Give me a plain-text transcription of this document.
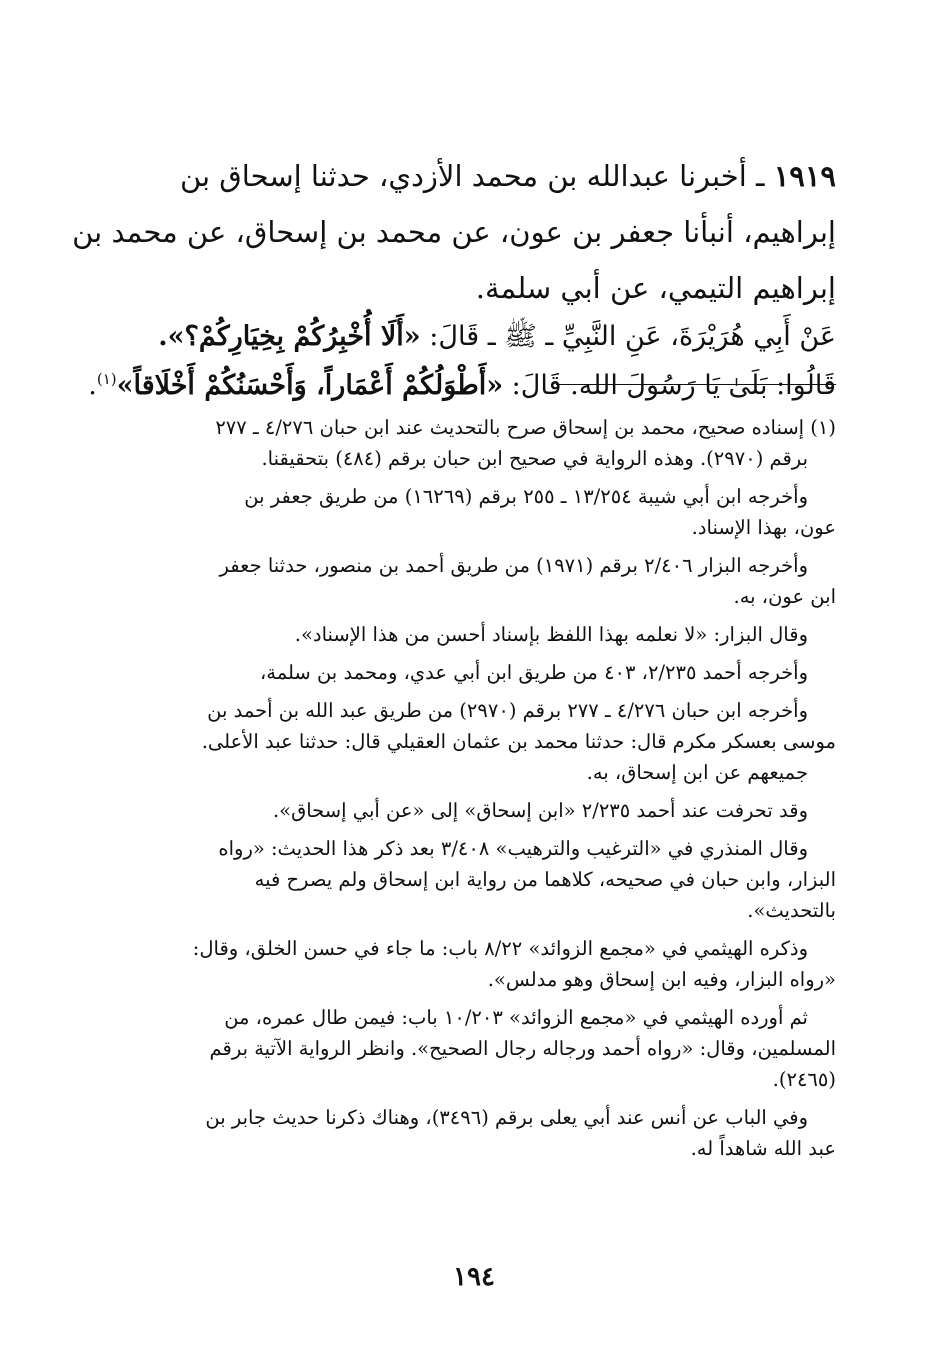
١٩١٩ ـ أخبرنا عبدالله بن محمد الأزدي، حدثنا إسحاق بن
إبراهيم، أنبأنا جعفر بن عون، عن محمد بن إسحاق، عن محمد بن
إبراهيم التيمي، عن أبي سلمة.
عَنْ أَبِي هُرَيْرَةَ، عَنِ النَّبِيِّ ـ ﷺ ـ قَالَ: «أَلَا أُخْبِرُكُمْ بِخِيَارِكُمْ؟».
قَالُوا: بَلَىٰ يَا رَسُولَ الله. قَالَ: «أَطْوَلُكُمْ أَعْمَاراً، وَأَحْسَنُكُمْ أَخْلَاقاً»$^{(١)}$.
(١) إسناده صحيح، محمد بن إسحاق صرح بالتحديث عند ابن حبان ٤/٢٧٦ ـ ٢٧٧
برقم (٢٩٧٠). وهذه الرواية في صحيح ابن حبان برقم (٤٨٤) بتحقيقنا.
وأخرجه ابن أبي شيبة ١٣/٢٥٤ ـ ٢٥٥ برقم (١٦٢٦٩) من طريق جعفر بن
عون، بهذا الإسناد.
وأخرجه البزار ٢/٤٠٦ برقم (١٩٧١) من طريق أحمد بن منصور، حدثنا جعفر
ابن عون، به.
وقال البزار: «لا نعلمه بهذا اللفظ بإسناد أحسن من هذا الإسناد».
وأخرجه أحمد ٢/٢٣٥، ٤٠٣ من طريق ابن أبي عدي، ومحمد بن سلمة،
وأخرجه ابن حبان ٤/٢٧٦ ـ ٢٧٧ برقم (٢٩٧٠) من طريق عبد الله بن أحمد بن
موسى بعسكر مكرم قال: حدثنا محمد بن عثمان العقيلي قال: حدثنا عبد الأعلى.
جميعهم عن ابن إسحاق، به.
وقد تحرفت عند أحمد ٢/٢٣٥ «ابن إسحاق» إلى «عن أبي إسحاق».
وقال المنذري في «الترغيب والترهيب» ٣/٤٠٨ بعد ذكر هذا الحديث: «رواه
البزار، وابن حبان في صحيحه، كلاهما من رواية ابن إسحاق ولم يصرح فيه
بالتحديث».
وذكره الهيثمي في «مجمع الزوائد» ٨/٢٢ باب: ما جاء في حسن الخلق، وقال:
«رواه البزار، وفيه ابن إسحاق وهو مدلس».
ثم أورده الهيثمي في «مجمع الزوائد» ١٠/٢٠٣ باب: فيمن طال عمره، من
المسلمين، وقال: «رواه أحمد ورجاله رجال الصحيح». وانظر الرواية الآتية برقم
(٢٤٦٥).
وفي الباب عن أنس عند أبي يعلى برقم (٣٤٩٦)، وهناك ذكرنا حديث جابر بن
عبد الله شاهداً له.
١٩٤
